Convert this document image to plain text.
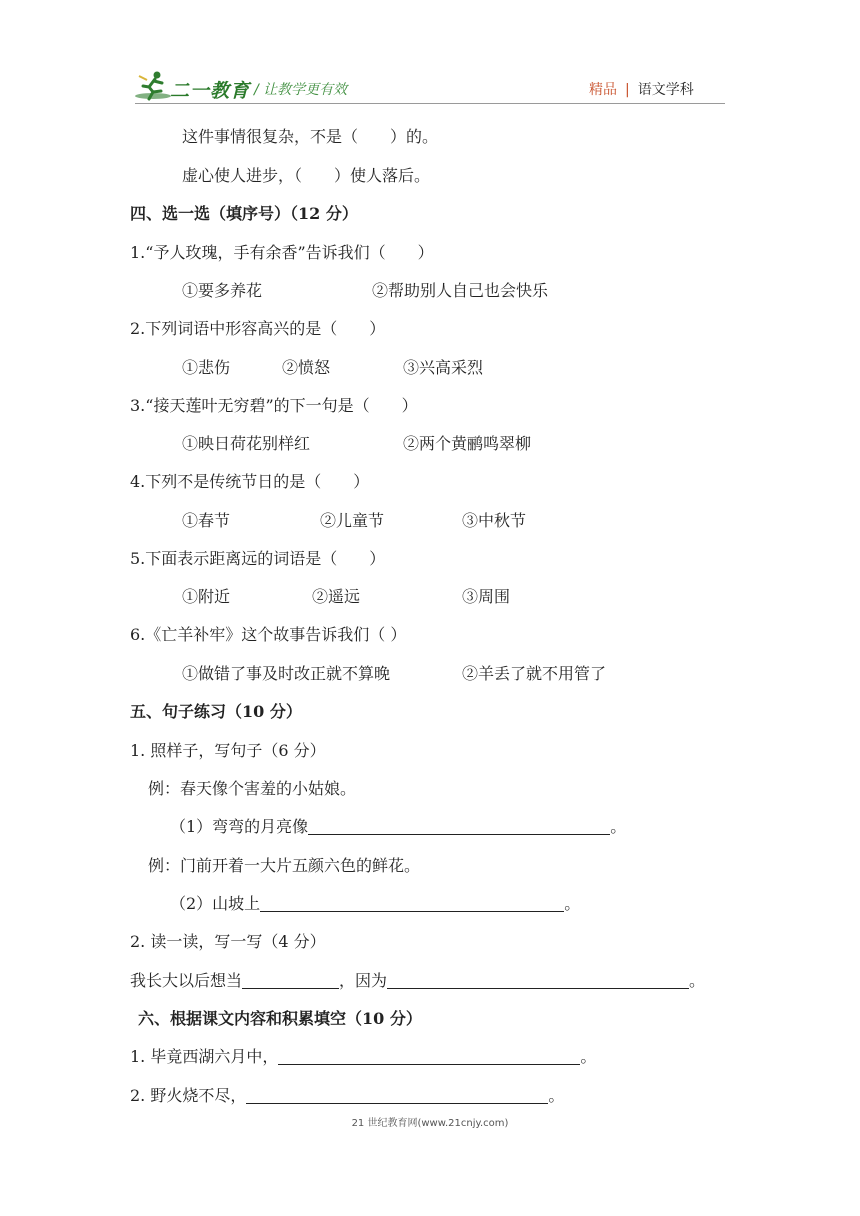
二一教育 / 让教学更有效	精品 | 语文学科
这件事情很复杂，不是（　　）的。
虚心使人进步，（　　）使人落后。
四、选一选（填序号）（12 分）
1.“予人玫瑰，手有余香”告诉我们（　　）
①要多养花	②帮助别人自己也会快乐
2.下列词语中形容高兴的是（　　）
①悲伤	②愤怒	③兴高采烈
3.“接天莲叶无穷碧”的下一句是（　　）
①映日荷花别样红	②两个黄鹂鸣翠柳
4.下列不是传统节日的是（　　）
①春节	②儿童节	③中秋节
5.下面表示距离远的词语是（　　）
①附近	②遥远	③周围
6.《亡羊补牢》这个故事告诉我们（ ）
①做错了事及时改正就不算晚	②羊丢了就不用管了
五、句子练习（10 分）
1. 照样子，写句子（6 分）
例：春天像个害羞的小姑娘。
（1）弯弯的月亮像	。
例：门前开着一大片五颜六色的鲜花。
（2）山坡上	。
2. 读一读，写一写（4 分）
我长大以后想当	，因为	。
六、根据课文内容和积累填空（10 分）
1. 毕竟西湖六月中，	。
2. 野火烧不尽，	。
21 世纪教育网(www.21cnjy.com)
